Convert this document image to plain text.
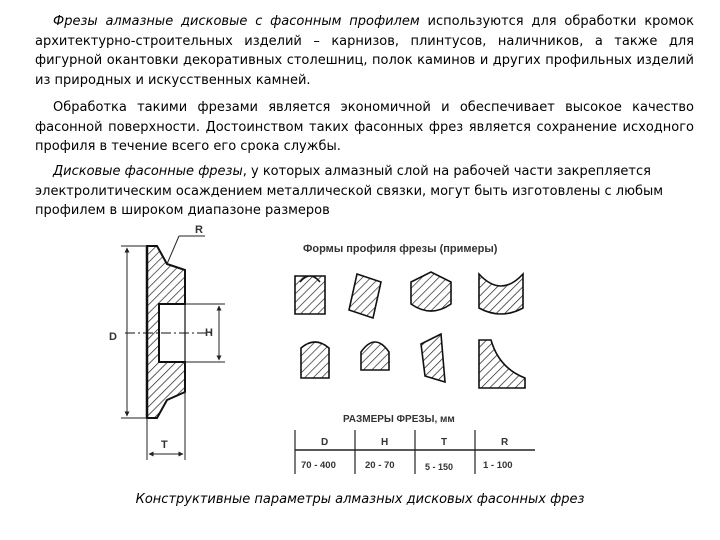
Фрезы алмазные дисковые с фасонным профилем используются для обработки кромок архитектурно-строительных изделий – карнизов, плинтусов, наличников, а также для фигурной окантовки декоративных столешниц, полок каминов и других профильных изделий из природных и искусственных камней.
Обработка такими фрезами является экономичной и обеспечивает высокое качество фасонной поверхности. Достоинством таких фасонных фрез является сохранение исходного профиля в течение всего его срока службы.
Дисковые фасонные фрезы, у которых алмазный слой на рабочей части закрепляется электролитическим осаждением металлической связки, могут быть изготовлены с любым профилем в широком диапазоне размеров
D	H
R
T
Формы профиля фрезы (примеры)
РАЗМЕРЫ ФРЕЗЫ, мм
D	H	T	R
70 - 400	20 - 70	5 - 150	1 - 100
Конструктивные параметры алмазных дисковых фасонных фрез
